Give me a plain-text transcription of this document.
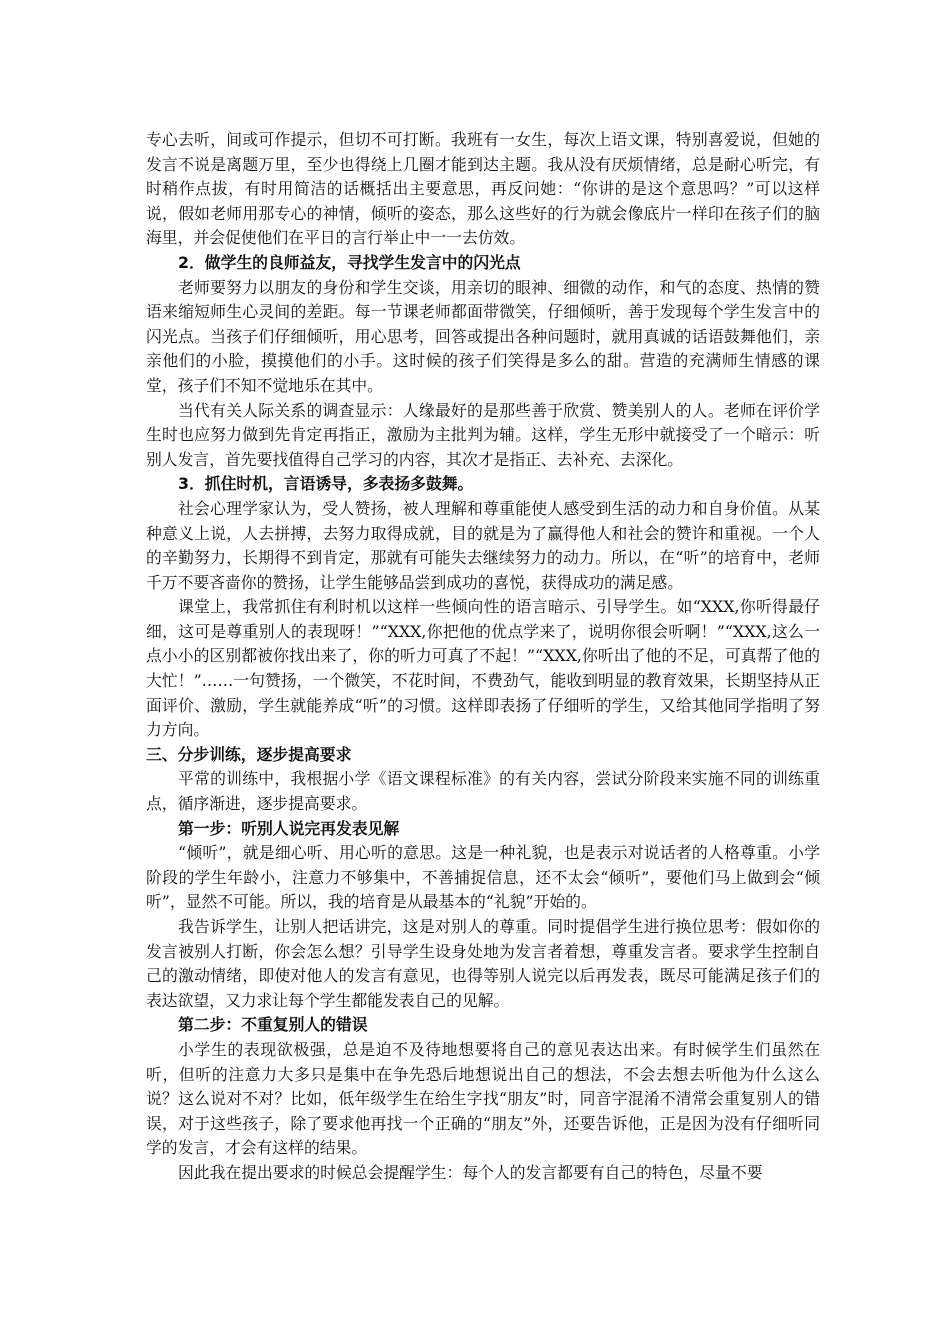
专心去听，间或可作提示，但切不可打断。我班有一女生，每次上语文课，特别喜爱说，但她的发言不说是离题万里，至少也得绕上几圈才能到达主题。我从没有厌烦情绪，总是耐心听完，有时稍作点拔，有时用简洁的话概括出主要意思，再反问她：“你讲的是这个意思吗？”可以这样说，假如老师用那专心的神情，倾听的姿态，那么这些好的行为就会像底片一样印在孩子们的脑海里，并会促使他们在平日的言行举止中一一去仿效。

2．做学生的良师益友，寻找学生发言中的闪光点

老师要努力以朋友的身份和学生交谈，用亲切的眼神、细微的动作，和气的态度、热情的赞语来缩短师生心灵间的差距。每一节课老师都面带微笑，仔细倾听，善于发现每个学生发言中的闪光点。当孩子们仔细倾听，用心思考，回答或提出各种问题时，就用真诚的话语鼓舞他们，亲亲他们的小脸，摸摸他们的小手。这时候的孩子们笑得是多么的甜。营造的充满师生情感的课堂，孩子们不知不觉地乐在其中。

当代有关人际关系的调查显示：人缘最好的是那些善于欣赏、赞美别人的人。老师在评价学生时也应努力做到先肯定再指正，激励为主批判为辅。这样，学生无形中就接受了一个暗示：听别人发言，首先要找值得自己学习的内容，其次才是指正、去补充、去深化。

3．抓住时机，言语诱导，多表扬多鼓舞。

社会心理学家认为，受人赞扬，被人理解和尊重能使人感受到生活的动力和自身价值。从某种意义上说，人去拼搏，去努力取得成就，目的就是为了赢得他人和社会的赞许和重视。一个人的辛勤努力，长期得不到肯定，那就有可能失去继续努力的动力。所以，在“听”的培育中，老师千万不要吝啬你的赞扬，让学生能够品尝到成功的喜悦，获得成功的满足感。

课堂上，我常抓住有利时机以这样一些倾向性的语言暗示、引导学生。如“XXX,你听得最仔细，这可是尊重别人的表现呀！”“XXX,你把他的优点学来了，说明你很会听啊！”“XXX,这么一点小小的区别都被你找出来了，你的听力可真了不起！”“XXX,你听出了他的不足，可真帮了他的大忙！”……一句赞扬，一个微笑，不花时间，不费劲气，能收到明显的教育效果，长期坚持从正面评价、激励，学生就能养成“听”的习惯。这样即表扬了仔细听的学生，又给其他同学指明了努力方向。

三、分步训练，逐步提高要求

平常的训练中，我根据小学《语文课程标准》的有关内容，尝试分阶段来实施不同的训练重点，循序渐进，逐步提高要求。

第一步：听别人说完再发表见解

“倾听”，就是细心听、用心听的意思。这是一种礼貌，也是表示对说话者的人格尊重。小学阶段的学生年龄小，注意力不够集中，不善捕捉信息，还不太会“倾听”，要他们马上做到会“倾听”，显然不可能。所以，我的培育是从最基本的“礼貌”开始的。

我告诉学生，让别人把话讲完，这是对别人的尊重。同时提倡学生进行换位思考：假如你的发言被别人打断，你会怎么想？引导学生设身处地为发言者着想，尊重发言者。要求学生控制自己的激动情绪，即使对他人的发言有意见，也得等别人说完以后再发表，既尽可能满足孩子们的表达欲望，又力求让每个学生都能发表自己的见解。

第二步：不重复别人的错误

小学生的表现欲极强，总是迫不及待地想要将自己的意见表达出来。有时候学生们虽然在听，但听的注意力大多只是集中在争先恐后地想说出自己的想法，不会去想去听他为什么这么说？这么说对不对？比如，低年级学生在给生字找“朋友”时，同音字混淆不清常会重复别人的错误，对于这些孩子，除了要求他再找一个正确的“朋友”外，还要告诉他，正是因为没有仔细听同学的发言，才会有这样的结果。

因此我在提出要求的时候总会提醒学生：每个人的发言都要有自己的特色，尽量不要
